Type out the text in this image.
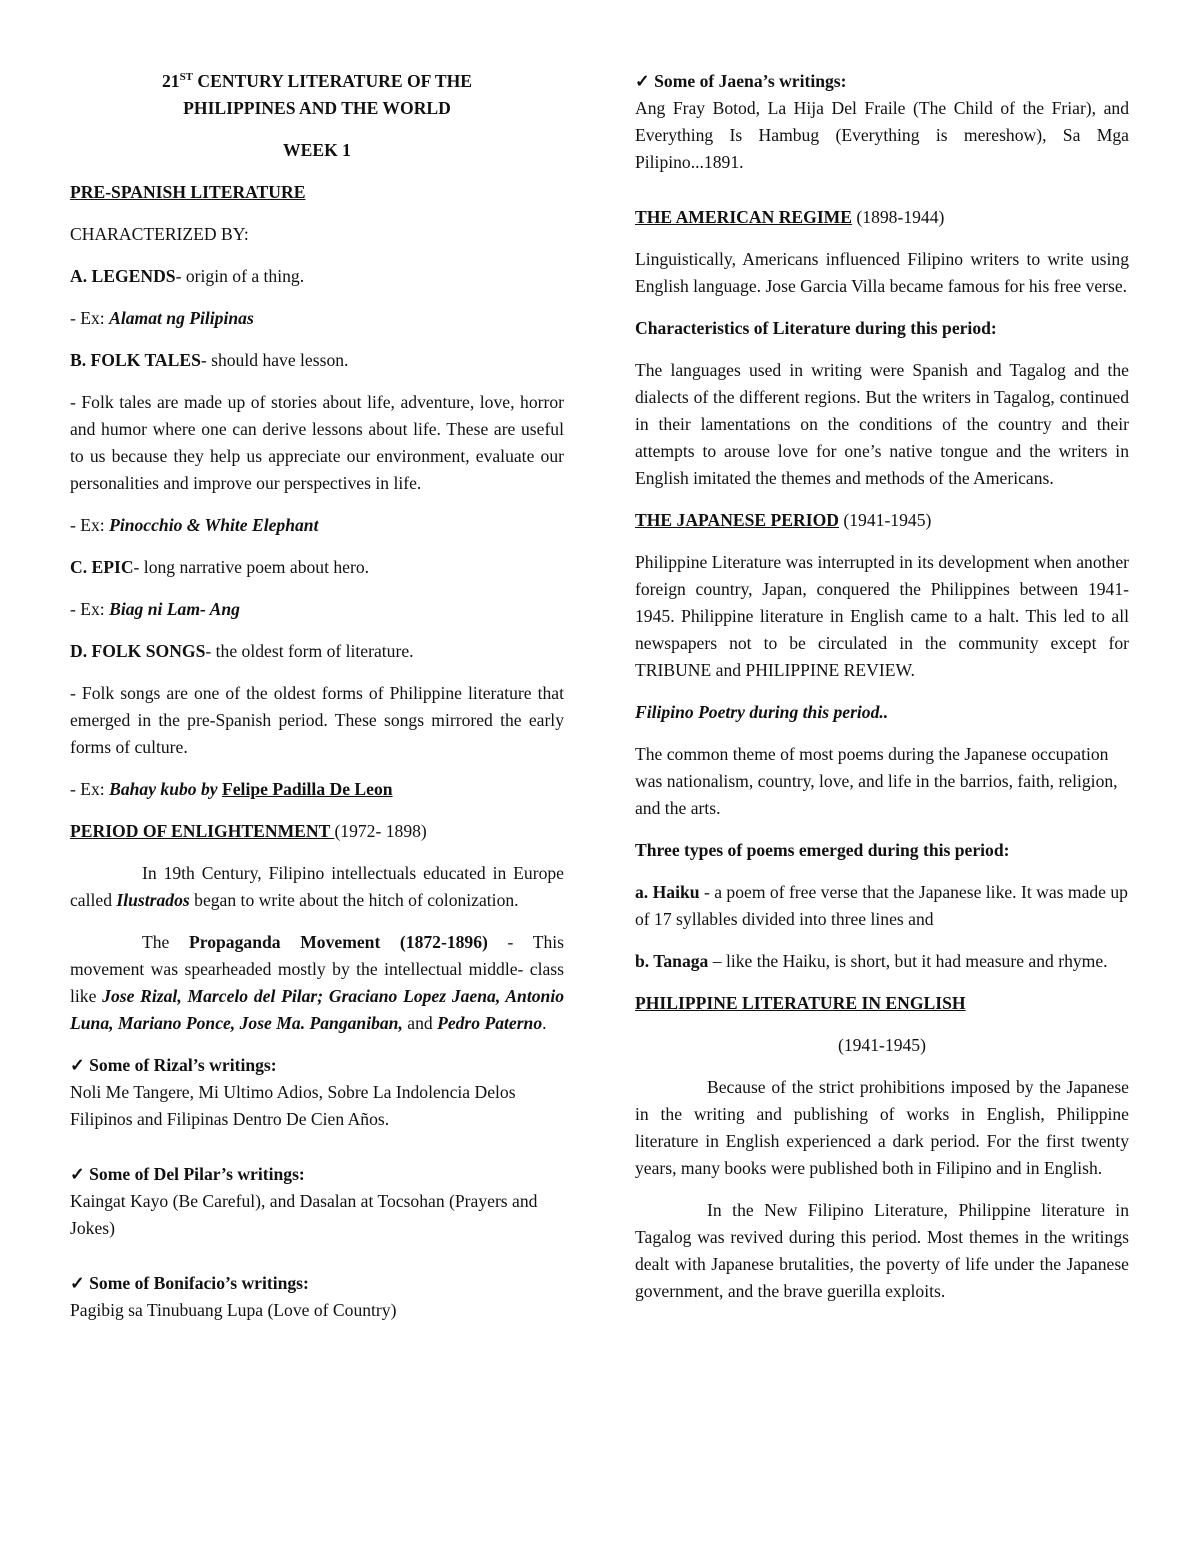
21ST CENTURY LITERATURE OF THE
PHILIPPINES AND THE WORLD

WEEK 1

PRE-SPANISH LITERATURE

CHARACTERIZED BY:

A. LEGENDS- origin of a thing.

- Ex: Alamat ng Pilipinas

B. FOLK TALES- should have lesson.

- Folk tales are made up of stories about life, adventure, love, horror and humor where one can derive lessons about life. These are useful to us because they help us appreciate our environment, evaluate our personalities and improve our perspectives in life.

- Ex: Pinocchio & White Elephant

C. EPIC- long narrative poem about hero.

- Ex: Biag ni Lam- Ang

D. FOLK SONGS- the oldest form of literature.

- Folk songs are one of the oldest forms of Philippine literature that emerged in the pre-Spanish period. These songs mirrored the early forms of culture.

- Ex: Bahay kubo by Felipe Padilla De Leon

PERIOD OF ENLIGHTENMENT (1972- 1898)

In 19th Century, Filipino intellectuals educated in Europe called Ilustrados began to write about the hitch of colonization.

The Propaganda Movement (1872-1896) - This movement was spearheaded mostly by the intellectual middle- class like Jose Rizal, Marcelo del Pilar; Graciano Lopez Jaena, Antonio Luna, Mariano Ponce, Jose Ma. Panganiban, and Pedro Paterno.

✓ Some of Rizal’s writings:
Noli Me Tangere, Mi Ultimo Adios, Sobre La Indolencia Delos Filipinos and Filipinas Dentro De Cien Años.
✓ Some of Del Pilar’s writings:
Kaingat Kayo (Be Careful), and Dasalan at Tocsohan (Prayers and Jokes)
✓ Some of Bonifacio’s writings:
Pagibig sa Tinubuang Lupa (Love of Country)
✓ Some of Jaena’s writings:
Ang Fray Botod, La Hija Del Fraile (The Child of the Friar), and Everything Is Hambug (Everything is mereshow), Sa Mga Pilipino...1891.

THE AMERICAN REGIME (1898-1944)

Linguistically, Americans influenced Filipino writers to write using English language. Jose Garcia Villa became famous for his free verse.

Characteristics of Literature during this period:

The languages used in writing were Spanish and Tagalog and the dialects of the different regions. But the writers in Tagalog, continued in their lamentations on the conditions of the country and their attempts to arouse love for one’s native tongue and the writers in English imitated the themes and methods of the Americans.

THE JAPANESE PERIOD (1941-1945)

Philippine Literature was interrupted in its development when another foreign country, Japan, conquered the Philippines between 1941-1945. Philippine literature in English came to a halt. This led to all newspapers not to be circulated in the community except for TRIBUNE and PHILIPPINE REVIEW.

Filipino Poetry during this period..

The common theme of most poems during the Japanese occupation was nationalism, country, love, and life in the barrios, faith, religion, and the arts.

Three types of poems emerged during this period:

a. Haiku - a poem of free verse that the Japanese like. It was made up of 17 syllables divided into three lines and

b. Tanaga – like the Haiku, is short, but it had measure and rhyme.

PHILIPPINE LITERATURE IN ENGLISH

(1941-1945)

Because of the strict prohibitions imposed by the Japanese in the writing and publishing of works in English, Philippine literature in English experienced a dark period. For the first twenty years, many books were published both in Filipino and in English.

In the New Filipino Literature, Philippine literature in Tagalog was revived during this period. Most themes in the writings dealt with Japanese brutalities, the poverty of life under the Japanese government, and the brave guerilla exploits.
